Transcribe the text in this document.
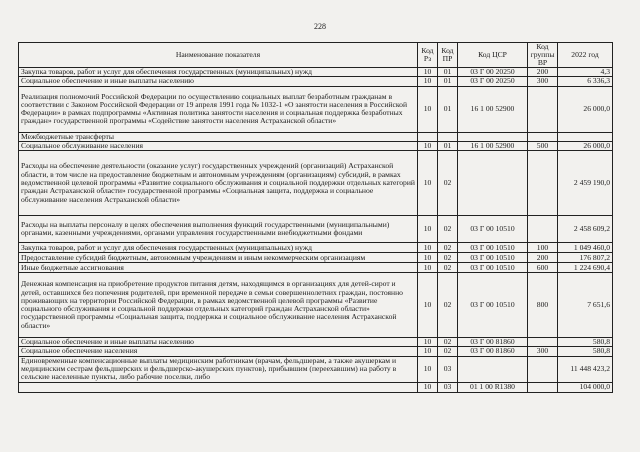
228
Наименование показателя	Код Рз	Код ПР	Код ЦСР	Код группы ВР	2022 год
Закупка товаров, работ и услуг для обеспечения государственных (муниципальных) нужд	10	01	03 Г 00 20250	200	4,3
Социальное обеспечение и иные выплаты населению	10	01	03 Г 00 20250	300	6 336,3
Реализация полномочий Российской Федерации по осуществлению социальных выплат безработным гражданам в соответствии с Законом Российской Федерации от 19 апреля 1991 года № 1032-1 «О занятости населения в Российской Федерации» в рамках подпрограммы «Активная политика занятости населения и социальная поддержка безработных граждан» государственной программы «Содействие занятости населения Астраханской области»	10	01	16 1 00 52900		26 000,0
Межбюджетные трансферты					
Социальное обслуживание населения	10	01	16 1 00 52900	500	26 000,0
Расходы на обеспечение деятельности (оказание услуг) государственных учреждений (организаций) Астраханской области, в том числе на предоставление бюджетным и автономным учреждениям (организациям) субсидий, в рамках ведомственной целевой программы «Развитие социального обслуживания и социальной поддержки отдельных категорий граждан Астраханской области» государственной программы «Социальная защита, поддержка и социальное обслуживание населения Астраханской области»	10	02			2 459 190,0
Расходы на выплаты персоналу в целях обеспечения выполнения функций государственными (муниципальными) органами, казенными учреждениями, органами управления государственными внебюджетными фондами	10	02	03 Г 00 10510		2 458 609,2
Закупка товаров, работ и услуг для обеспечения государственных (муниципальных) нужд	10	02	03 Г 00 10510	100	1 049 460,0
Предоставление субсидий бюджетным, автономным учреждениям и иным некоммерческим организациям	10	02	03 Г 00 10510	200	176 807,2
Иные бюджетные ассигнования	10	02	03 Г 00 10510	600	1 224 690,4
Денежная компенсация на приобретение продуктов питания детям, находящимся в организациях для детей-сирот и детей, оставшихся без попечения родителей, при временной передаче в семьи совершеннолетних граждан, постоянно проживающих на территории Российской Федерации, в рамках ведомственной целевой программы «Развитие социального обслуживания и социальной поддержки отдельных категорий граждан Астраханской области» государственной программы «Социальная защита, поддержка и социальное обслуживание населения Астраханской области»	10	02	03 Г 00 10510	800	7 651,6
Социальное обеспечение и иные выплаты населению	10	02	03 Г 00 81860		580,8
Социальное обеспечение населения	10	02	03 Г 00 81860	300	580,8
Единовременные компенсационные выплаты медицинским работникам (врачам, фельдшерам, а также акушеркам и медицинским сестрам фельдшерских и фельдшерско-акушерских пунктов), прибывшим (переехавшим) на работу в сельские населенные пункты, либо рабочие поселки, либо	10	03			11 448 423,2
	10	03	01 1 00 R1380		104 000,0
